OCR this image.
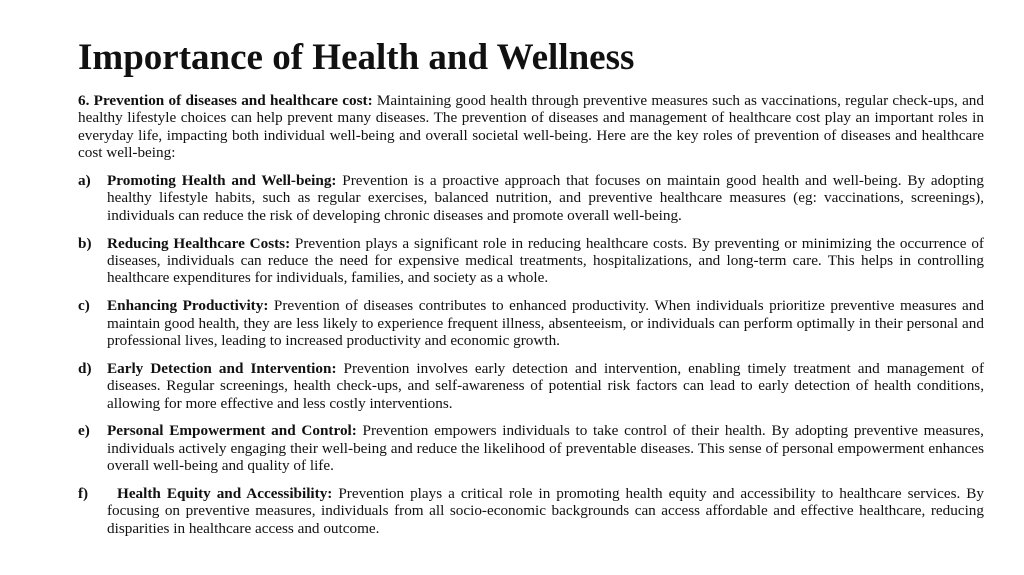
Importance of Health and Wellness

6. Prevention of diseases and healthcare cost: Maintaining good health through preventive measures such as vaccinations, regular check-ups, and healthy lifestyle choices can help prevent many diseases. The prevention of diseases and management of healthcare cost play an important roles in everyday life, impacting both individual well-being and overall societal well-being. Here are the key roles of prevention of diseases and healthcare cost well-being:

a)	Promoting Health and Well-being: Prevention is a proactive approach that focuses on maintain good health and well-being. By adopting healthy lifestyle habits, such as regular exercises, balanced nutrition, and preventive healthcare measures (eg: vaccinations, screenings), individuals can reduce the risk of developing chronic diseases and promote overall well-being.
b)	Reducing Healthcare Costs: Prevention plays a significant role in reducing healthcare costs. By preventing or minimizing the occurrence of diseases, individuals can reduce the need for expensive medical treatments, hospitalizations, and long-term care. This helps in controlling healthcare expenditures for individuals, families, and society as a whole.
c)	Enhancing Productivity: Prevention of diseases contributes to enhanced productivity. When individuals prioritize preventive measures and maintain good health, they are less likely to experience frequent illness, absenteeism, or individuals can perform optimally in their personal and professional lives, leading to increased productivity and economic growth.
d)	Early Detection and Intervention: Prevention involves early detection and intervention, enabling timely treatment and management of diseases. Regular screenings, health check-ups, and self-awareness of potential risk factors can lead to early detection of health conditions, allowing for more effective and less costly interventions.
e)	Personal Empowerment and Control: Prevention empowers individuals to take control of their health. By adopting preventive measures, individuals actively engaging their well-being and reduce the likelihood of preventable diseases. This sense of personal empowerment enhances overall well-being and quality of life.
f)	Health Equity and Accessibility: Prevention plays a critical role in promoting health equity and accessibility to healthcare services. By focusing on preventive measures, individuals from all socio-economic backgrounds can access affordable and effective healthcare, reducing disparities in healthcare access and outcome.
